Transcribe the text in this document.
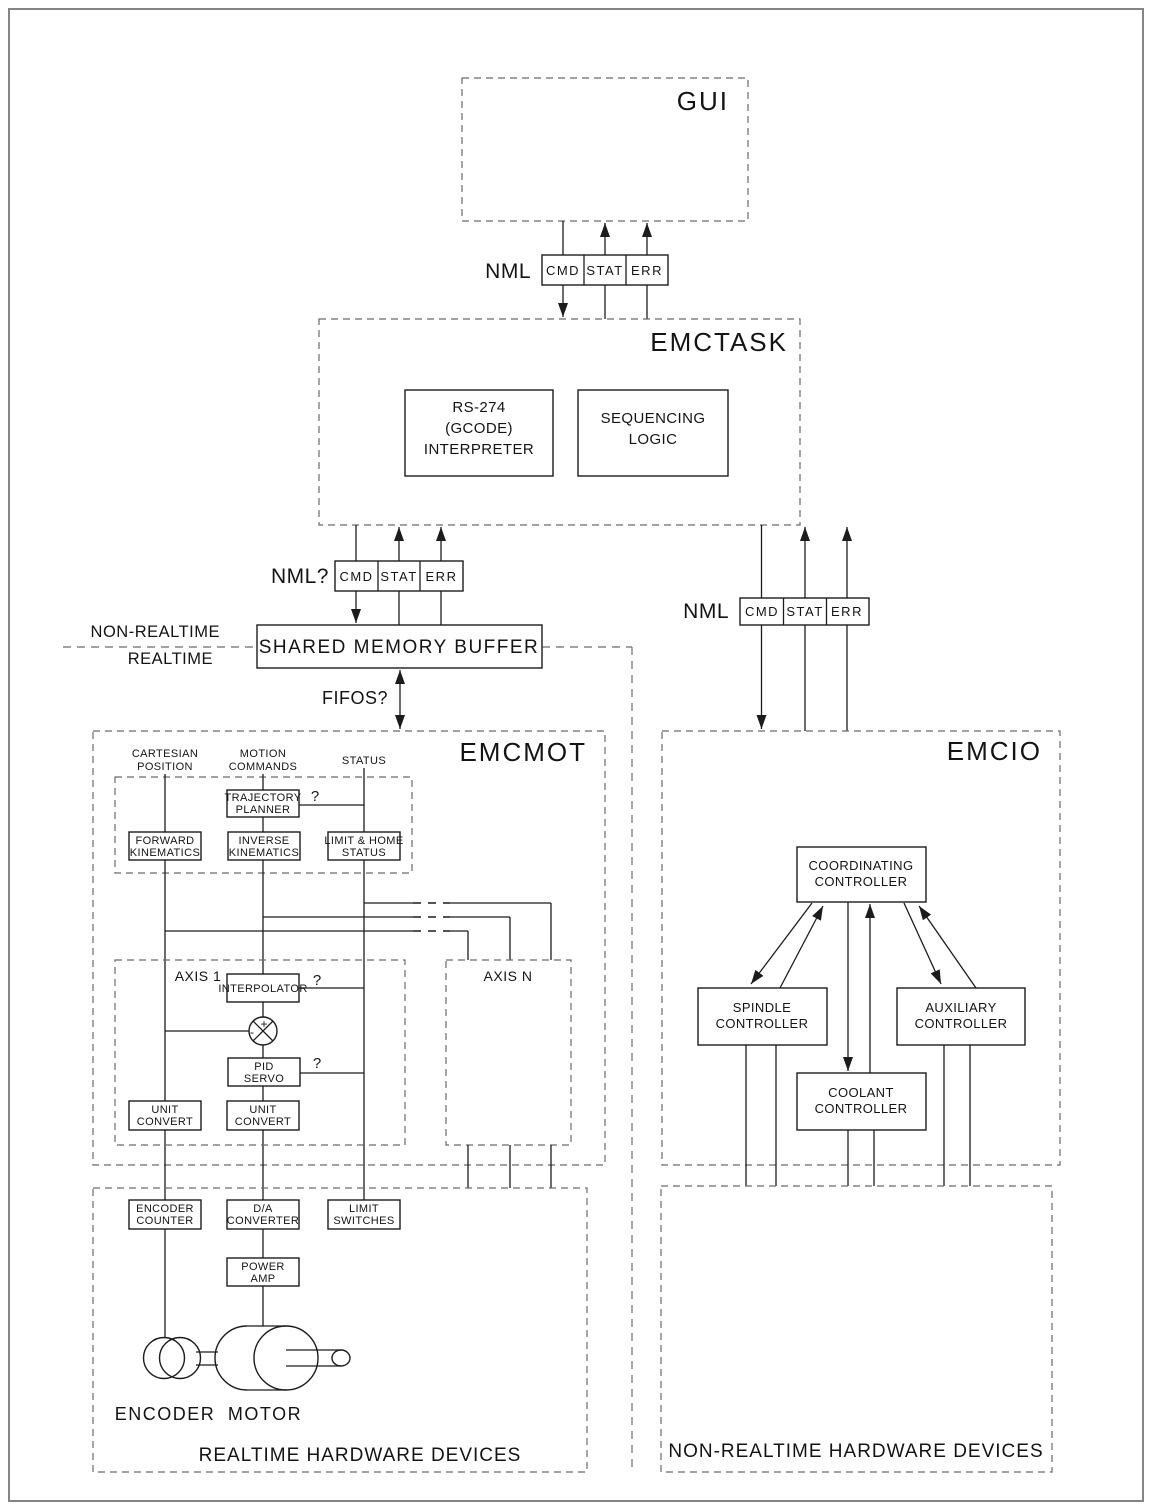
GUI
NML CMD STAT ERR
EMCTASK
RS-274
(GCODE)
INTERPRETER
SEQUENCING
LOGIC
NML? CMD STAT ERR
NML CMD STAT ERR
NON-REALTIME
REALTIME
SHARED MEMORY BUFFER
FIFOS?
EMCMOT
CARTESIAN
POSITION
MOTION
COMMANDS	STATUS
TRAJECTORY
PLANNER
?
FORWARD
KINEMATICS
INVERSE
KINEMATICS
LIMIT & HOME
STATUS
AXIS 1
INTERPOLATOR ?
+
-
PID
SERVO
?
UNIT
CONVERT
UNIT
CONVERT
AXIS N
EMCIO
COORDINATING
CONTROLLER
SPINDLE
CONTROLLER
AUXILIARY
CONTROLLER
COOLANT
CONTROLLER
REALTIME HARDWARE DEVICES
ENCODER
COUNTER
D/A
CONVERTER
LIMIT
SWITCHES
POWER
AMP
ENCODER MOTOR
NON-REALTIME HARDWARE DEVICES
